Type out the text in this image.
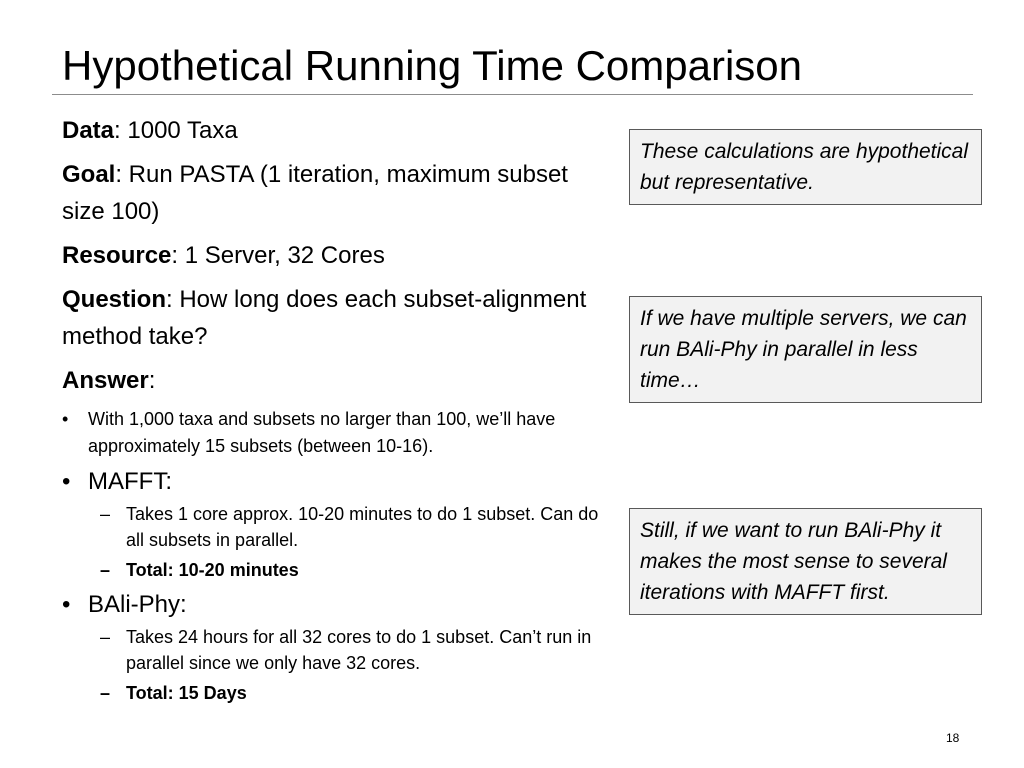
Hypothetical Running Time Comparison
Data: 1000 Taxa
Goal: Run PASTA (1 iteration, maximum subset size 100)
Resource: 1 Server, 32 Cores
Question: How long does each subset-alignment method take?
Answer:
• With 1,000 taxa and subsets no larger than 100, we’ll have approximately 15 subsets (between 10-16).
• MAFFT:
– Takes 1 core approx. 10-20 minutes to do 1 subset. Can do all subsets in parallel.
– Total: 10-20 minutes
• BAli-Phy:
– Takes 24 hours for all 32 cores to do 1 subset. Can’t run in parallel since we only have 32 cores.
– Total: 15 Days
These calculations are hypothetical but representative.
If we have multiple servers, we can run BAli-Phy in parallel in less time…
Still, if we want to run BAli-Phy it makes the most sense to several iterations with MAFFT first.
18
